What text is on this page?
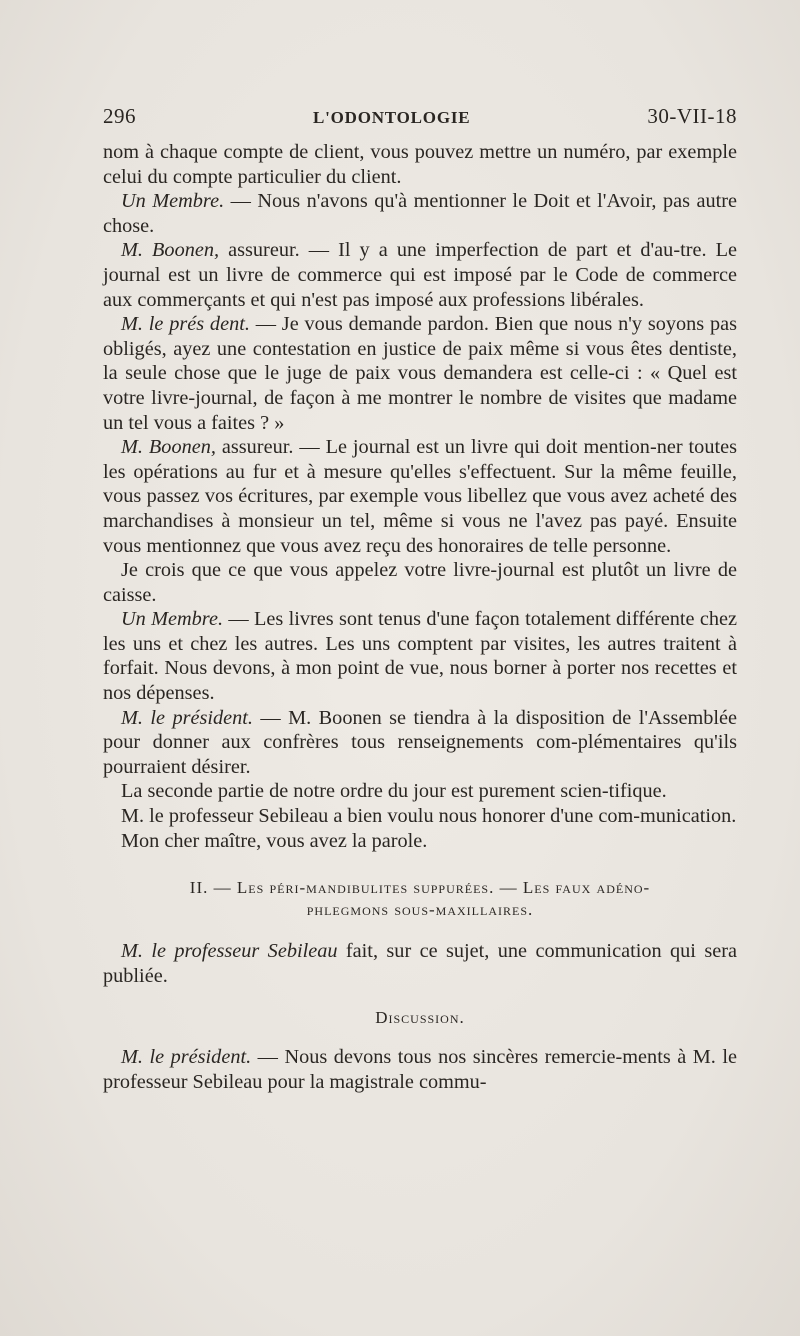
296	L'ODONTOLOGIE	30-VII-18

nom à chaque compte de client, vous pouvez mettre un numéro, par exemple celui du compte particulier du client.

Un Membre. — Nous n'avons qu'à mentionner le Doit et l'Avoir, pas autre chose.

M. Boonen, assureur. — Il y a une imperfection de part et d'au-tre. Le journal est un livre de commerce qui est imposé par le Code de commerce aux commerçants et qui n'est pas imposé aux professions libérales.

M. le prés dent. — Je vous demande pardon. Bien que nous n'y soyons pas obligés, ayez une contestation en justice de paix même si vous êtes dentiste, la seule chose que le juge de paix vous demandera est celle-ci : « Quel est votre livre-journal, de façon à me montrer le nombre de visites que madame un tel vous a faites ? »

M. Boonen, assureur. — Le journal est un livre qui doit mention-ner toutes les opérations au fur et à mesure qu'elles s'effectuent. Sur la même feuille, vous passez vos écritures, par exemple vous libellez que vous avez acheté des marchandises à monsieur un tel, même si vous ne l'avez pas payé. Ensuite vous mentionnez que vous avez reçu des honoraires de telle personne.

Je crois que ce que vous appelez votre livre-journal est plutôt un livre de caisse.

Un Membre. — Les livres sont tenus d'une façon totalement différente chez les uns et chez les autres. Les uns comptent par visites, les autres traitent à forfait. Nous devons, à mon point de vue, nous borner à porter nos recettes et nos dépenses.

M. le président. — M. Boonen se tiendra à la disposition de l'Assemblée pour donner aux confrères tous renseignements com-plémentaires qu'ils pourraient désirer.

La seconde partie de notre ordre du jour est purement scien-tifique.

M. le professeur Sebileau a bien voulu nous honorer d'une com-munication.

Mon cher maître, vous avez la parole.

II. — Les péri-mandibulites suppurées. — Les faux adéno-
phlegmons sous-maxillaires.

M. le professeur Sebileau fait, sur ce sujet, une communication qui sera publiée.

Discussion.

M. le président. — Nous devons tous nos sincères remercie-ments à M. le professeur Sebileau pour la magistrale commu-
